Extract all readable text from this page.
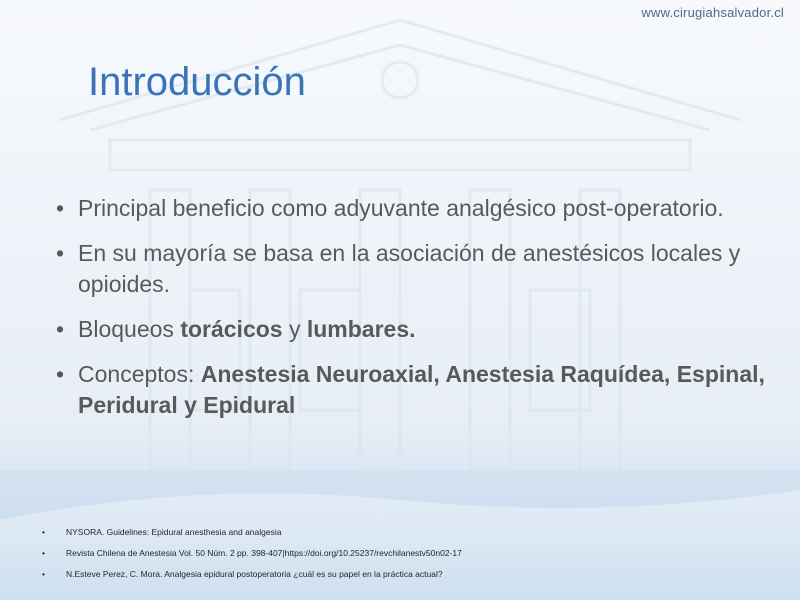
www.cirugiahsalvador.cl
Introducción
• Principal beneficio como adyuvante analgésico post-operatorio.
• En su mayoría se basa en la asociación de anestésicos locales y opioides.
• Bloqueos torácicos y lumbares.
• Conceptos: Anestesia Neuroaxial, Anestesia Raquídea, Espinal, Peridural y Epidural
• NYSORA. Guidelines: Epidural anesthesia and analgesia
• Revista Chilena de Anestesia Vol. 50 Núm. 2 pp. 398-407|https://doi.org/10.25237/revchilanestv50n02-17
• N.Esteve Perez, C. Mora. Analgesia epidural postoperatoria ¿cuál es su papel en la práctica actual?
